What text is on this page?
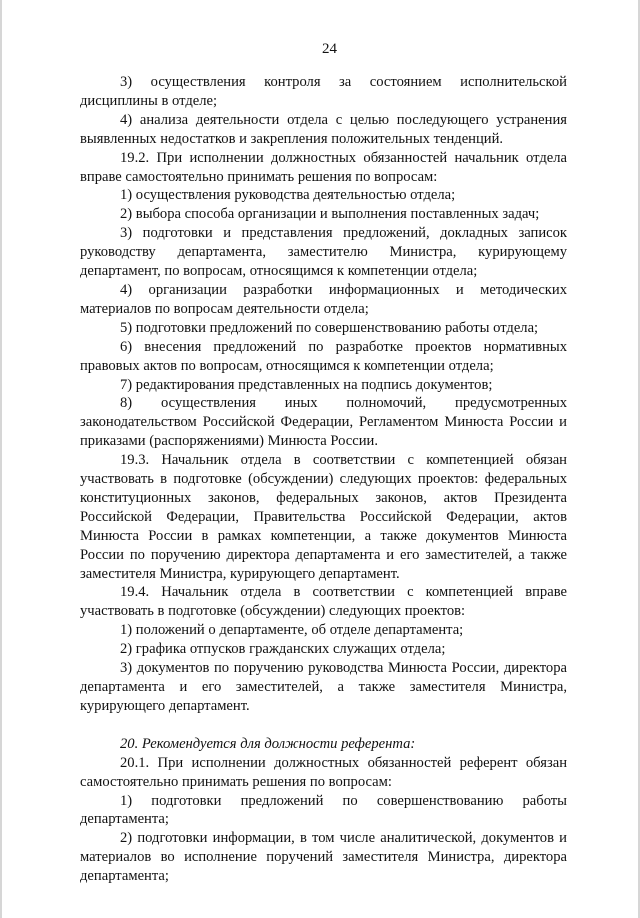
24

3) осуществления контроля за состоянием исполнительской дисциплины в отделе;

4) анализа деятельности отдела с целью последующего устранения выявленных недостатков и закрепления положительных тенденций.

19.2. При исполнении должностных обязанностей начальник отдела вправе самостоятельно принимать решения по вопросам:

1) осуществления руководства деятельностью отдела;

2) выбора способа организации и выполнения поставленных задач;

3) подготовки и представления предложений, докладных записок руководству департамента, заместителю Министра, курирующему департамент, по вопросам, относящимся к компетенции отдела;

4) организации разработки информационных и методических материалов по вопросам деятельности отдела;

5) подготовки предложений по совершенствованию работы отдела;

6) внесения предложений по разработке проектов нормативных правовых актов по вопросам, относящимся к компетенции отдела;

7) редактирования представленных на подпись документов;

8) осуществления иных полномочий, предусмотренных законодательством Российской Федерации, Регламентом Минюста России и приказами (распоряжениями) Минюста России.

19.3. Начальник отдела в соответствии с компетенцией обязан участвовать в подготовке (обсуждении) следующих проектов: федеральных конституционных законов, федеральных законов, актов Президента Российской Федерации, Правительства Российской Федерации, актов Минюста России в рамках компетенции, а также документов Минюста России по поручению директора департамента и его заместителей, а также заместителя Министра, курирующего департамент.

19.4. Начальник отдела в соответствии с компетенцией вправе участвовать в подготовке (обсуждении) следующих проектов:

1) положений о департаменте, об отделе департамента;

2) графика отпусков гражданских служащих отдела;

3) документов по поручению руководства Минюста России, директора департамента и его заместителей, а также заместителя Министра, курирующего департамент.

20. Рекомендуется для должности референта:

20.1. При исполнении должностных обязанностей референт обязан самостоятельно принимать решения по вопросам:

1) подготовки предложений по совершенствованию работы департамента;

2) подготовки информации, в том числе аналитической, документов и материалов во исполнение поручений заместителя Министра, директора департамента;
